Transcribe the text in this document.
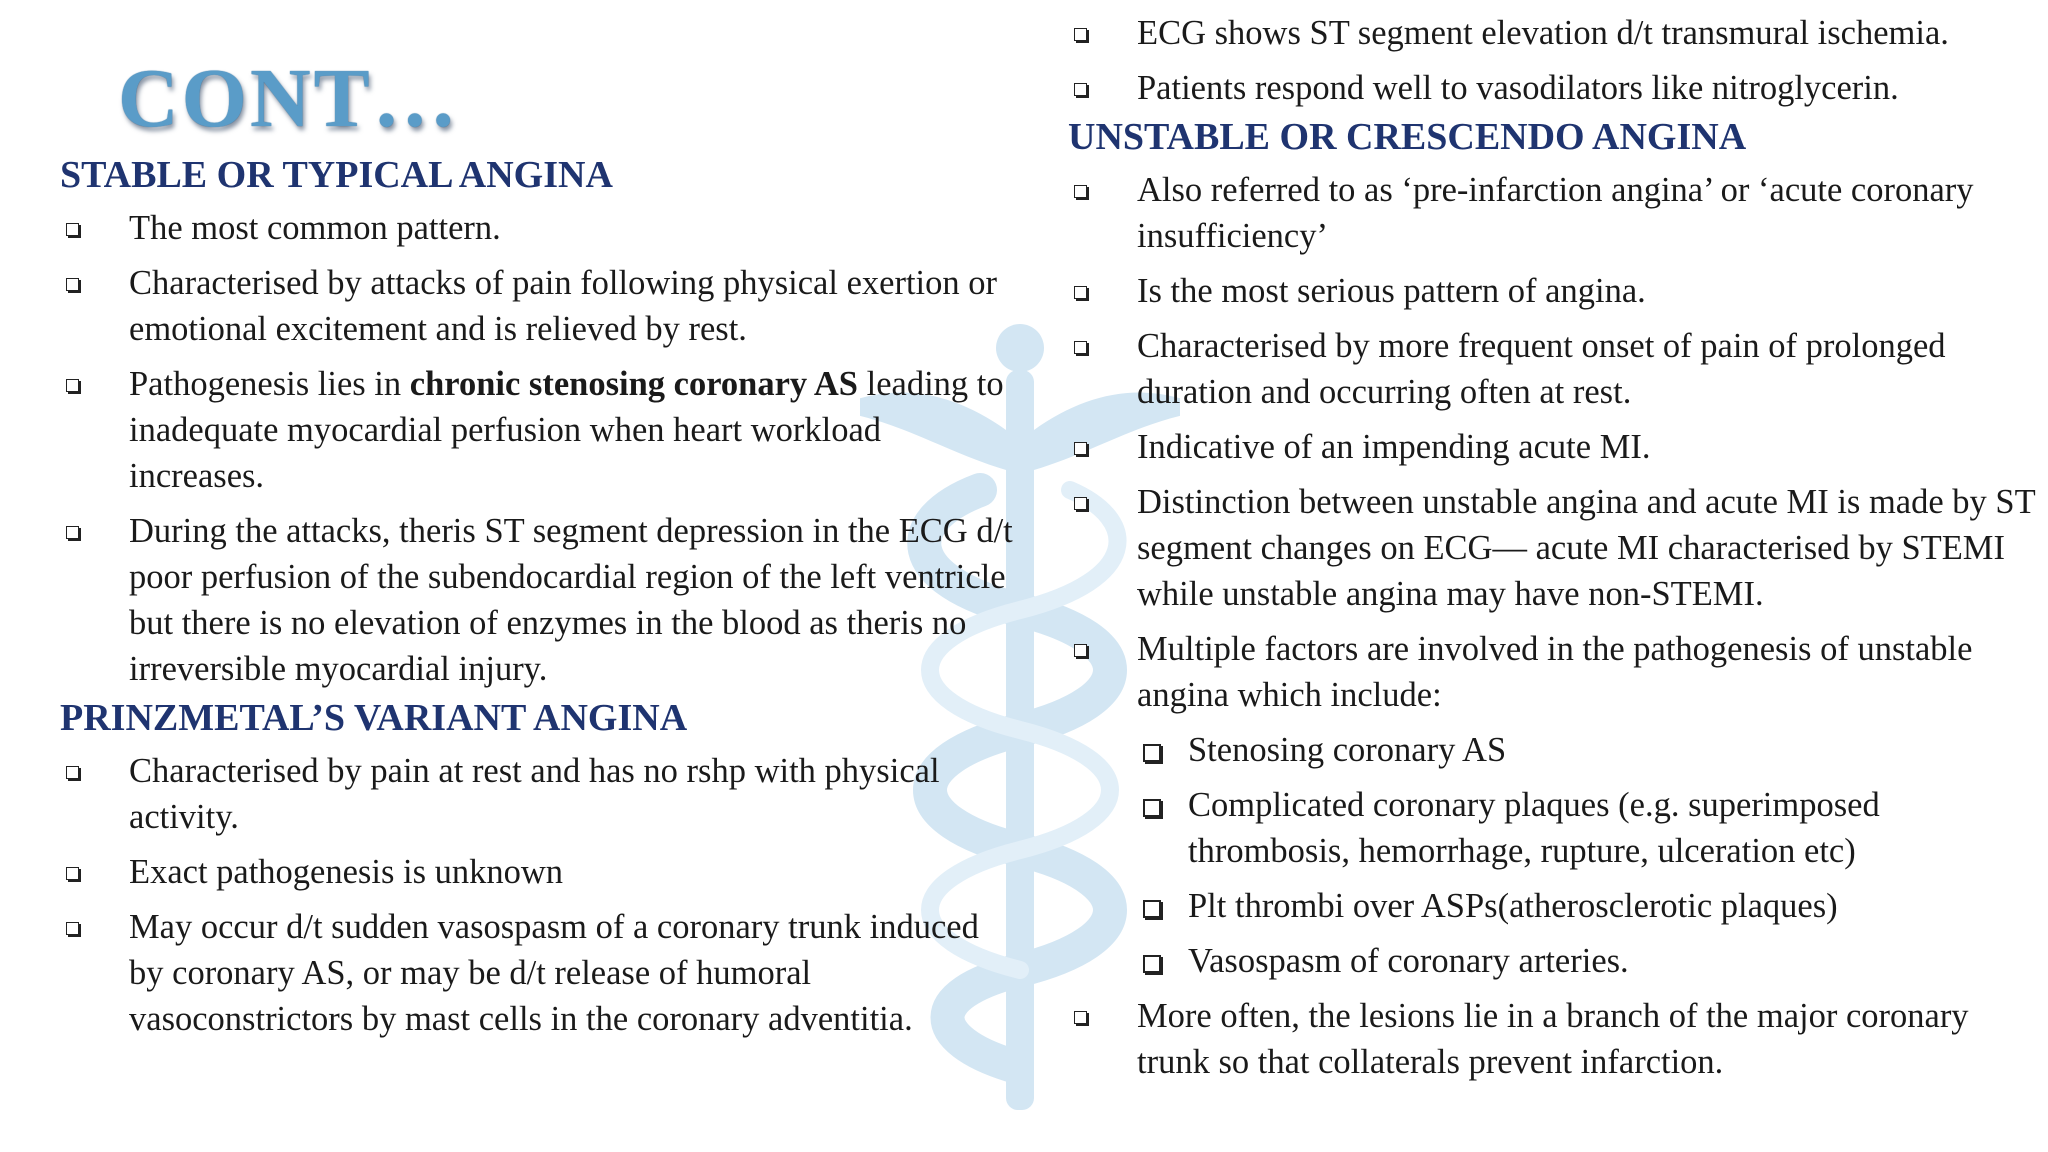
CONT…
STABLE OR TYPICAL ANGINA
The most common pattern.
Characterised by attacks of pain following physical exertion or emotional excitement and is relieved by rest.
Pathogenesis lies in chronic stenosing coronary AS leading to inadequate myocardial perfusion when heart workload increases.
During the attacks, theris ST segment depression in the ECG d/t poor perfusion of the subendocardial region of the left ventricle but there is no elevation of enzymes in the blood as theris no irreversible myocardial injury.
PRINZMETAL’S VARIANT ANGINA
Characterised by pain at rest and has no rshp with physical activity.
Exact pathogenesis is unknown
May occur d/t sudden vasospasm of a coronary trunk induced by coronary AS, or may be d/t release of humoral vasoconstrictors by mast cells in the coronary adventitia.
ECG shows ST segment elevation d/t transmural ischemia.
Patients respond well to vasodilators like nitroglycerin.
UNSTABLE OR CRESCENDO ANGINA
Also referred to as ‘pre-infarction angina’ or ‘acute coronary insufficiency’
Is the most serious pattern of angina.
Characterised by more frequent onset of pain of prolonged duration and occurring often at rest.
Indicative of an impending acute MI.
Distinction between unstable angina and acute MI is made by ST segment changes on ECG— acute MI characterised by STEMI while unstable angina may have non-STEMI.
Multiple factors are involved in the pathogenesis of unstable angina which include:
Stenosing coronary AS
Complicated coronary plaques (e.g. superimposed thrombosis, hemorrhage, rupture, ulceration etc)
Plt thrombi over ASPs(atherosclerotic plaques)
Vasospasm of coronary arteries.
More often, the lesions lie in a branch of the major coronary trunk so that collaterals prevent infarction.
